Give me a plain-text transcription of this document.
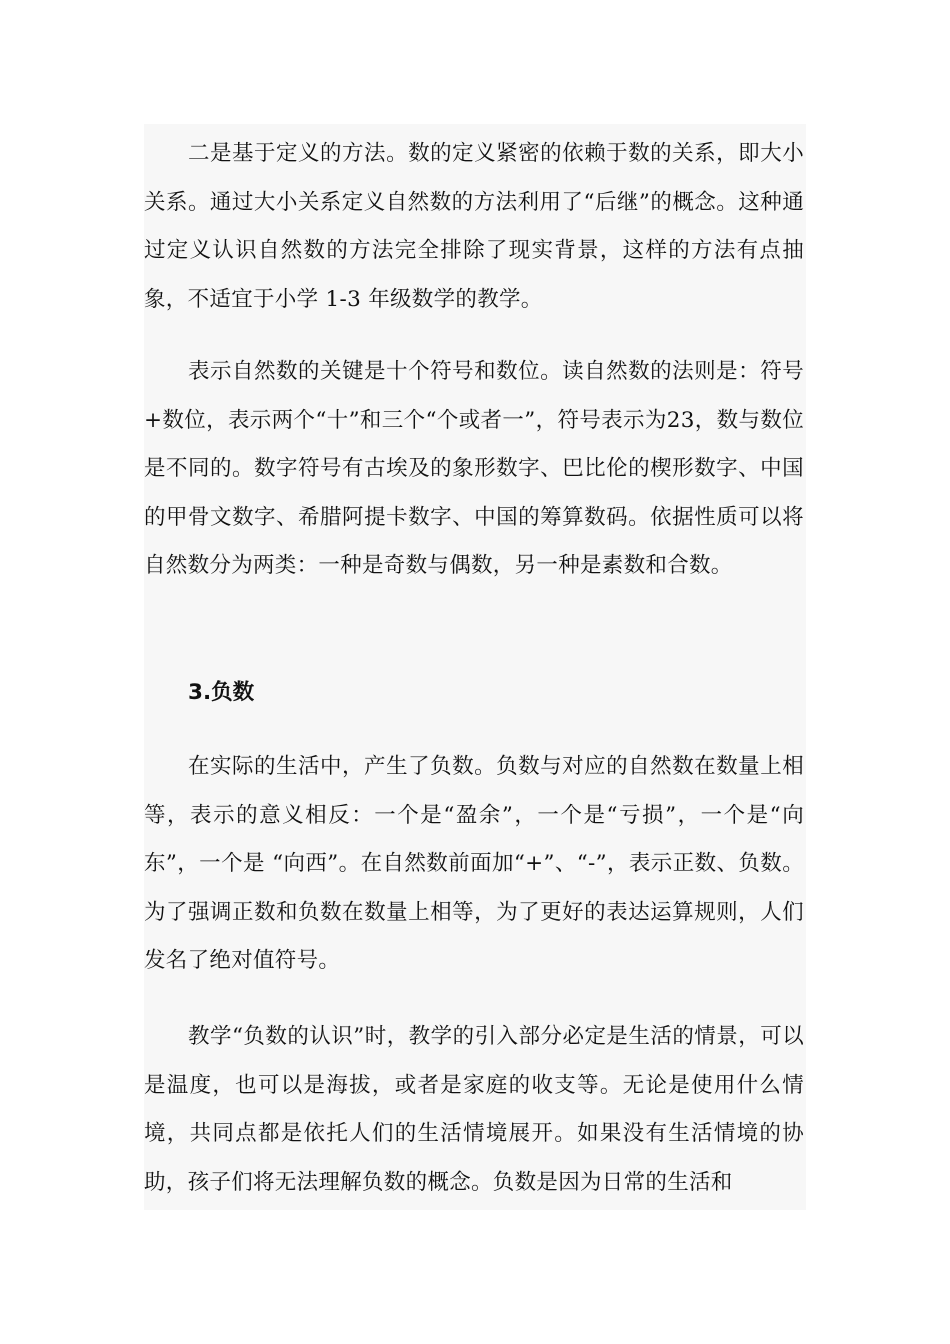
二是基于定义的方法。数的定义紧密的依赖于数的关系，即大小关系。通过大小关系定义自然数的方法利用了“后继”的概念。这种通过定义认识自然数的方法完全排除了现实背景，这样的方法有点抽象，不适宜于小学 1-3 年级数学的教学。

表示自然数的关键是十个符号和数位。读自然数的法则是：符号+数位，表示两个“十”和三个“个或者一”，符号表示为23，数与数位是不同的。数字符号有古埃及的象形数字、巴比伦的楔形数字、中国的甲骨文数字、希腊阿提卡数字、中国的筹算数码。依据性质可以将自然数分为两类：一种是奇数与偶数，另一种是素数和合数。

3.负数

在实际的生活中，产生了负数。负数与对应的自然数在数量上相等，表示的意义相反：一个是“盈余”，一个是“亏损”，一个是“向东”，一个是 “向西”。在自然数前面加“+”、“-”，表示正数、负数。为了强调正数和负数在数量上相等，为了更好的表达运算规则，人们发名了绝对值符号。

教学“负数的认识”时，教学的引入部分必定是生活的情景，可以是温度，也可以是海拔，或者是家庭的收支等。无论是使用什么情境，共同点都是依托人们的生活情境展开。如果没有生活情境的协助，孩子们将无法理解负数的概念。负数是因为日常的生活和
